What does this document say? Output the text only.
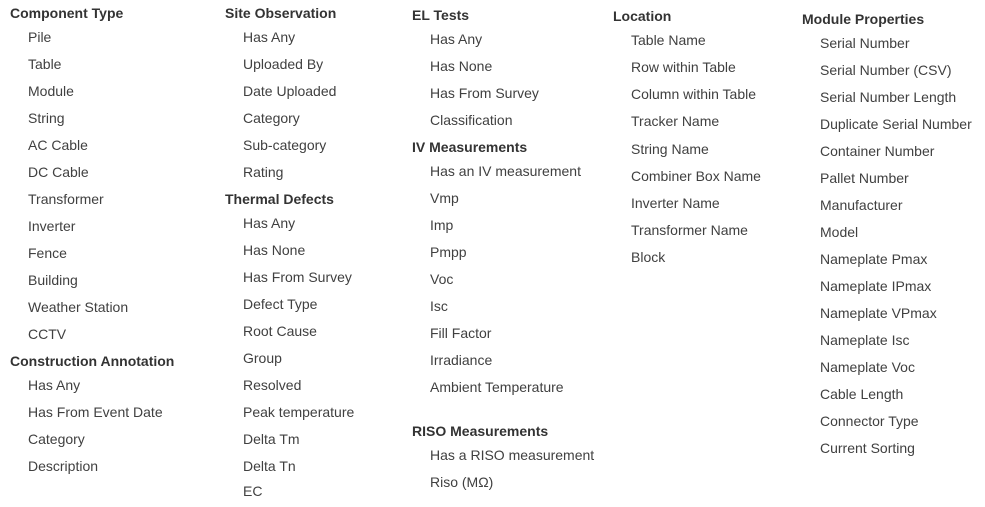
Component Type
Pile
Table
Module
String
AC Cable
DC Cable
Transformer
Inverter
Fence
Building
Weather Station
CCTV
Construction Annotation
Has Any
Has From Event Date
Category
Description
Site Observation
Has Any
Uploaded By
Date Uploaded
Category
Sub-category
Rating
Thermal Defects
Has Any
Has None
Has From Survey
Defect Type
Root Cause
Group
Resolved
Peak temperature
Delta Tm
Delta Tn
EC
EL Tests
Has Any
Has None
Has From Survey
Classification
IV Measurements
Has an IV measurement
Vmp
Imp
Pmpp
Voc
Isc
Fill Factor
Irradiance
Ambient Temperature
RISO Measurements
Has a RISO measurement
Riso (MΩ)
Location
Table Name
Row within Table
Column within Table
Tracker Name
String Name
Combiner Box Name
Inverter Name
Transformer Name
Block
Module Properties
Serial Number
Serial Number (CSV)
Serial Number Length
Duplicate Serial Number
Container Number
Pallet Number
Manufacturer
Model
Nameplate Pmax
Nameplate IPmax
Nameplate VPmax
Nameplate Isc
Nameplate Voc
Cable Length
Connector Type
Current Sorting
